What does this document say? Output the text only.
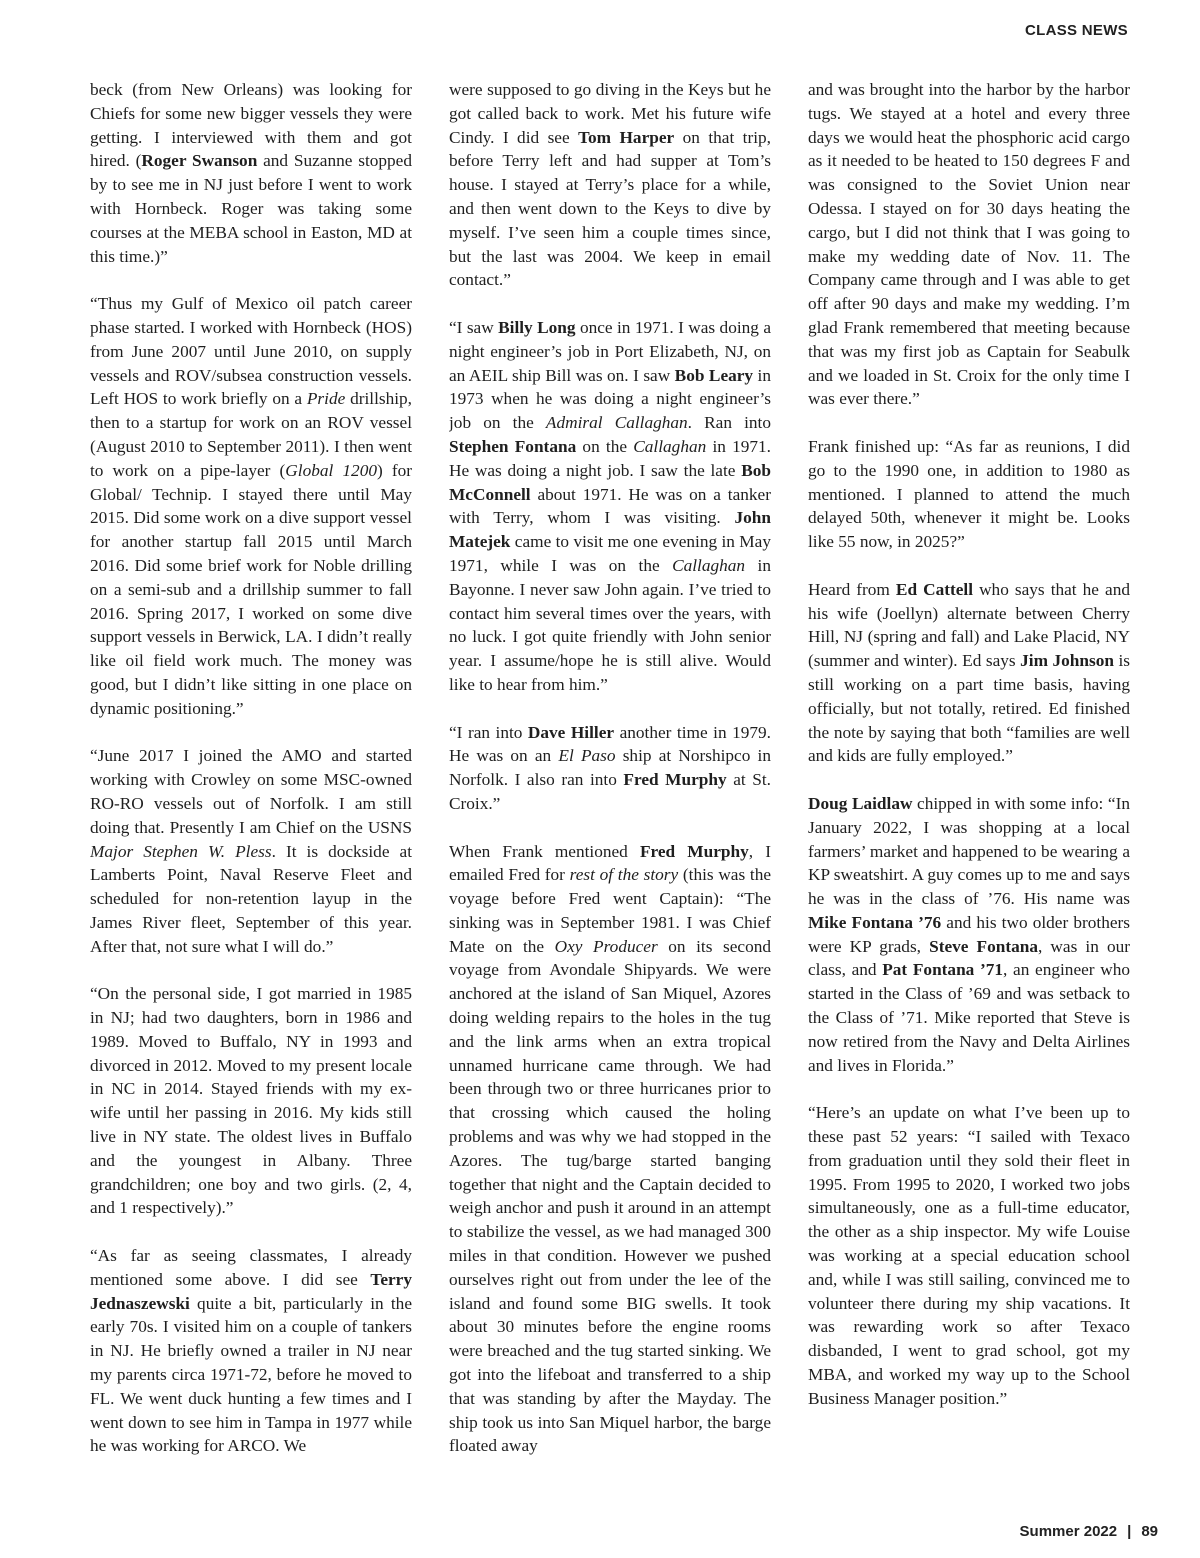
CLASS NEWS

beck (from New Orleans) was looking for Chiefs for some new bigger vessels they were getting. I interviewed with them and got hired. (Roger Swanson and Suzanne stopped by to see me in NJ just before I went to work with Hornbeck. Roger was taking some courses at the MEBA school in Easton, MD at this time.)”

“Thus my Gulf of Mexico oil patch career phase started. I worked with Hornbeck (HOS) from June 2007 until June 2010, on supply vessels and ROV/subsea construction vessels. Left HOS to work briefly on a Pride drillship, then to a startup for work on an ROV vessel (August 2010 to September 2011). I then went to work on a pipe-layer (Global 1200) for Global/ Technip. I stayed there until May 2015. Did some work on a dive support vessel for another startup fall 2015 until March 2016. Did some brief work for Noble drilling on a semi-sub and a drillship summer to fall 2016. Spring 2017, I worked on some dive support vessels in Berwick, LA. I didn’t really like oil field work much. The money was good, but I didn’t like sitting in one place on dynamic positioning.”

“June 2017 I joined the AMO and started working with Crowley on some MSC-owned RO-RO vessels out of Norfolk. I am still doing that. Presently I am Chief on the USNS Major Stephen W. Pless. It is dockside at Lamberts Point, Naval Reserve Fleet and scheduled for non-retention layup in the James River fleet, September of this year. After that, not sure what I will do.”

“On the personal side, I got married in 1985 in NJ; had two daughters, born in 1986 and 1989. Moved to Buffalo, NY in 1993 and divorced in 2012. Moved to my present locale in NC in 2014. Stayed friends with my ex-wife until her passing in 2016. My kids still live in NY state. The oldest lives in Buffalo and the youngest in Albany. Three grandchildren; one boy and two girls. (2, 4, and 1 respectively).”

“As far as seeing classmates, I already mentioned some above. I did see Terry Jednaszewski quite a bit, particularly in the early 70s. I visited him on a couple of tankers in NJ. He briefly owned a trailer in NJ near my parents circa 1971-72, before he moved to FL. We went duck hunting a few times and I went down to see him in Tampa in 1977 while he was working for ARCO. We

were supposed to go diving in the Keys but he got called back to work. Met his future wife Cindy. I did see Tom Harper on that trip, before Terry left and had supper at Tom’s house. I stayed at Terry’s place for a while, and then went down to the Keys to dive by myself. I’ve seen him a couple times since, but the last was 2004. We keep in email contact.”

“I saw Billy Long once in 1971. I was doing a night engineer’s job in Port Elizabeth, NJ, on an AEIL ship Bill was on. I saw Bob Leary in 1973 when he was doing a night engineer’s job on the Admiral Callaghan. Ran into Stephen Fontana on the Callaghan in 1971. He was doing a night job. I saw the late Bob McConnell about 1971. He was on a tanker with Terry, whom I was visiting. John Matejek came to visit me one evening in May 1971, while I was on the Callaghan in Bayonne. I never saw John again. I’ve tried to contact him several times over the years, with no luck. I got quite friendly with John senior year. I assume/hope he is still alive. Would like to hear from him.”

“I ran into Dave Hiller another time in 1979. He was on an El Paso ship at Norshipco in Norfolk. I also ran into Fred Murphy at St. Croix.”

When Frank mentioned Fred Murphy, I emailed Fred for rest of the story (this was the voyage before Fred went Captain): “The sinking was in September 1981. I was Chief Mate on the Oxy Producer on its second voyage from Avondale Shipyards. We were anchored at the island of San Miquel, Azores doing welding repairs to the holes in the tug and the link arms when an extra tropical unnamed hurricane came through. We had been through two or three hurricanes prior to that crossing which caused the holing problems and was why we had stopped in the Azores. The tug/barge started banging together that night and the Captain decided to weigh anchor and push it around in an attempt to stabilize the vessel, as we had managed 300 miles in that condition. However we pushed ourselves right out from under the lee of the island and found some BIG swells. It took about 30 minutes before the engine rooms were breached and the tug started sinking. We got into the lifeboat and transferred to a ship that was standing by after the Mayday. The ship took us into San Miquel harbor, the barge floated away

and was brought into the harbor by the harbor tugs. We stayed at a hotel and every three days we would heat the phosphoric acid cargo as it needed to be heated to 150 degrees F and was consigned to the Soviet Union near Odessa. I stayed on for 30 days heating the cargo, but I did not think that I was going to make my wedding date of Nov. 11. The Company came through and I was able to get off after 90 days and make my wedding. I’m glad Frank remembered that meeting because that was my first job as Captain for Seabulk and we loaded in St. Croix for the only time I was ever there.”

Frank finished up: “As far as reunions, I did go to the 1990 one, in addition to 1980 as mentioned. I planned to attend the much delayed 50th, whenever it might be. Looks like 55 now, in 2025?”

Heard from Ed Cattell who says that he and his wife (Joellyn) alternate between Cherry Hill, NJ (spring and fall) and Lake Placid, NY (summer and winter). Ed says Jim Johnson is still working on a part time basis, having officially, but not totally, retired. Ed finished the note by saying that both “families are well and kids are fully employed.”

Doug Laidlaw chipped in with some info: “In January 2022, I was shopping at a local farmers’ market and happened to be wearing a KP sweatshirt. A guy comes up to me and says he was in the class of ’76. His name was Mike Fontana ’76 and his two older brothers were KP grads, Steve Fontana, was in our class, and Pat Fontana ’71, an engineer who started in the Class of ’69 and was setback to the Class of ’71. Mike reported that Steve is now retired from the Navy and Delta Airlines and lives in Florida.”

“Here’s an update on what I’ve been up to these past 52 years: “I sailed with Texaco from graduation until they sold their fleet in 1995. From 1995 to 2020, I worked two jobs simultaneously, one as a full-time educator, the other as a ship inspector. My wife Louise was working at a special education school and, while I was still sailing, convinced me to volunteer there during my ship vacations. It was rewarding work so after Texaco disbanded, I went to grad school, got my MBA, and worked my way up to the School Business Manager position.”

Summer 2022 | 89
